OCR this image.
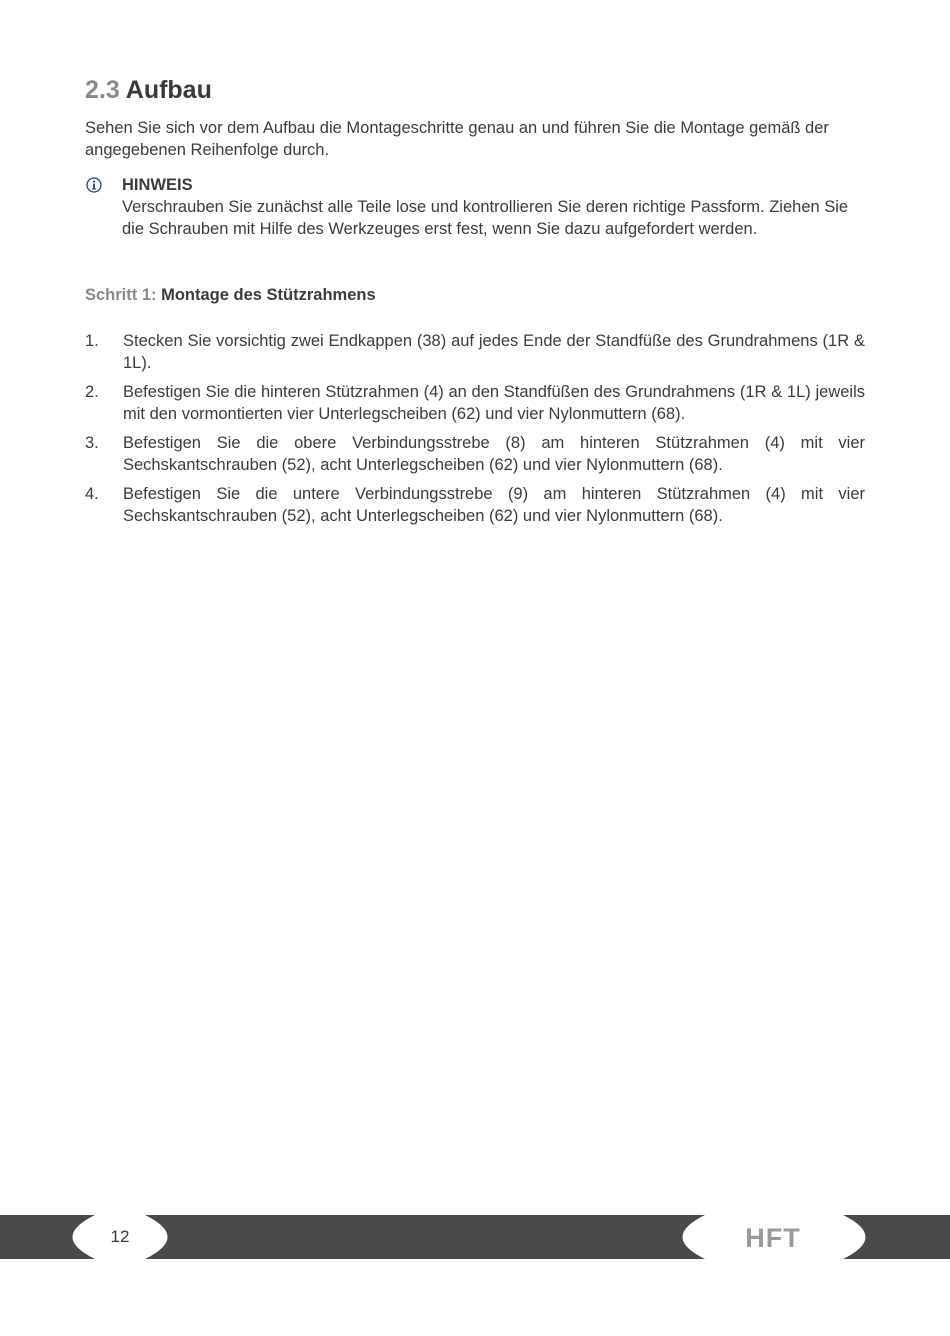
2.3 Aufbau

Sehen Sie sich vor dem Aufbau die Montageschritte genau an und führen Sie die Montage gemäß der angegebenen Reihenfolge durch.

HINWEIS
Verschrauben Sie zunächst alle Teile lose und kontrollieren Sie deren richtige Passform. Ziehen Sie die Schrauben mit Hilfe des Werkzeuges erst fest, wenn Sie dazu aufgefordert werden.
Schritt 1: Montage des Stützrahmens
1. Stecken Sie vorsichtig zwei Endkappen (38) auf jedes Ende der Standfüße des Grundrahmens (1R & 1L).
2. Befestigen Sie die hinteren Stützrahmen (4) an den Standfüßen des Grundrahmens (1R & 1L) jeweils mit den vormontierten vier Unterlegscheiben (62) und vier Nylonmuttern (68).
3. Befestigen Sie die obere Verbindungsstrebe (8) am hinteren Stützrahmen (4) mit vier Sechskantschrauben (52), acht Unterlegscheiben (62) und vier Nylonmuttern (68).
4. Befestigen Sie die untere Verbindungsstrebe (9) am hinteren Stützrahmen (4) mit vier Sechskantschrauben (52), acht Unterlegscheiben (62) und vier Nylonmuttern (68).
12	HFT
